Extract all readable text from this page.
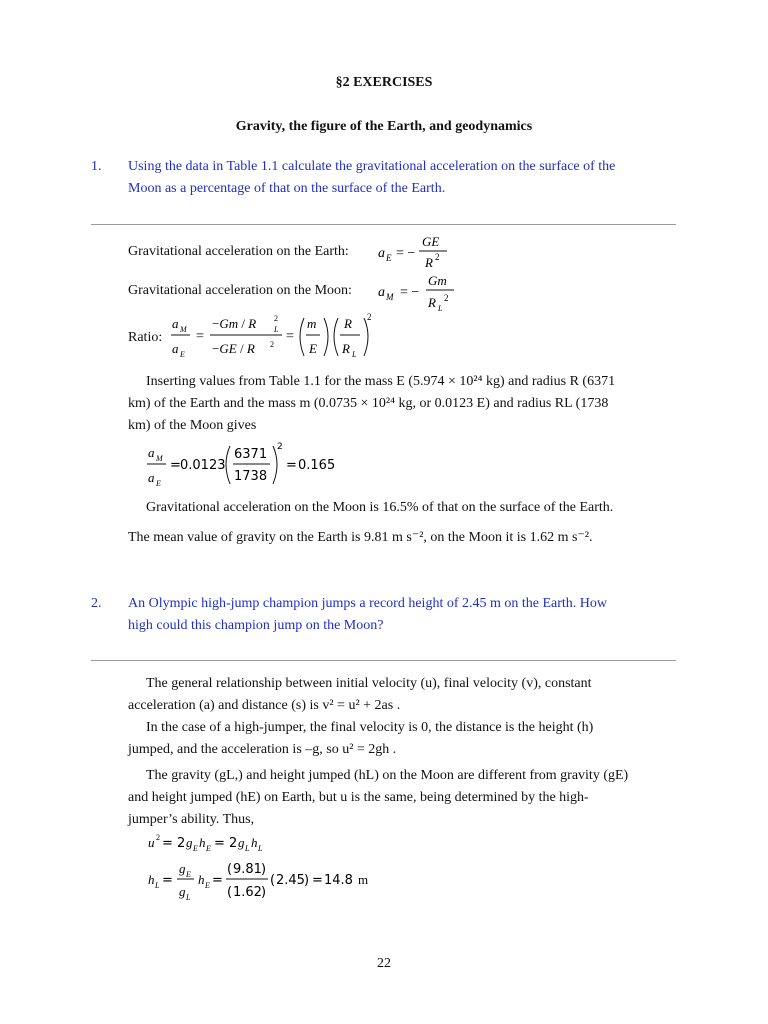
§2 EXERCISES
Gravity, the figure of the Earth, and geodynamics
1. Using the data in Table 1.1 calculate the gravitational acceleration on the surface of the
Moon as a percentage of that on the surface of the Earth.
Gravitational acceleration on the Earth: a E = −
GE
R 2
Gravitational acceleration on the Moon: a M = −
Gm
R L
2
Ratio:
a M
a E
=
−Gm / R L
2
−GE / R 2
=
m
E
R
R L
2
Inserting values from Table 1.1 for the mass E (5.974 × 10²⁴ kg) and radius R (6371
km) of the Earth and the mass m (0.0735 × 10²⁴ kg, or 0.0123 E) and radius RL (1738
km) of the Moon gives
a M
a E
= 0.0123
6371
1738
2
= 0.165
Gravitational acceleration on the Moon is 16.5% of that on the surface of the Earth.
The mean value of gravity on the Earth is 9.81 m s⁻², on the Moon it is 1.62 m s⁻².
2. An Olympic high-jump champion jumps a record height of 2.45 m on the Earth. How
high could this champion jump on the Moon?
The general relationship between initial velocity (u), final velocity (v), constant
acceleration (a) and distance (s) is v² = u² + 2as .
In the case of a high-jumper, the final velocity is 0, the distance is the height (h)
jumped, and the acceleration is –g, so u² = 2gh .
The gravity (gL,) and height jumped (hL) on the Moon are different from gravity (gE)
and height jumped (hE) on Earth, but u is the same, being determined by the high-
jumper’s ability. Thus,
u 2 = 2 g E h E = 2 g L h L
h L =
g E
g L
h E =
( 9.81 )
( 1.62 )
( 2.45 ) = 14.8 m
22
